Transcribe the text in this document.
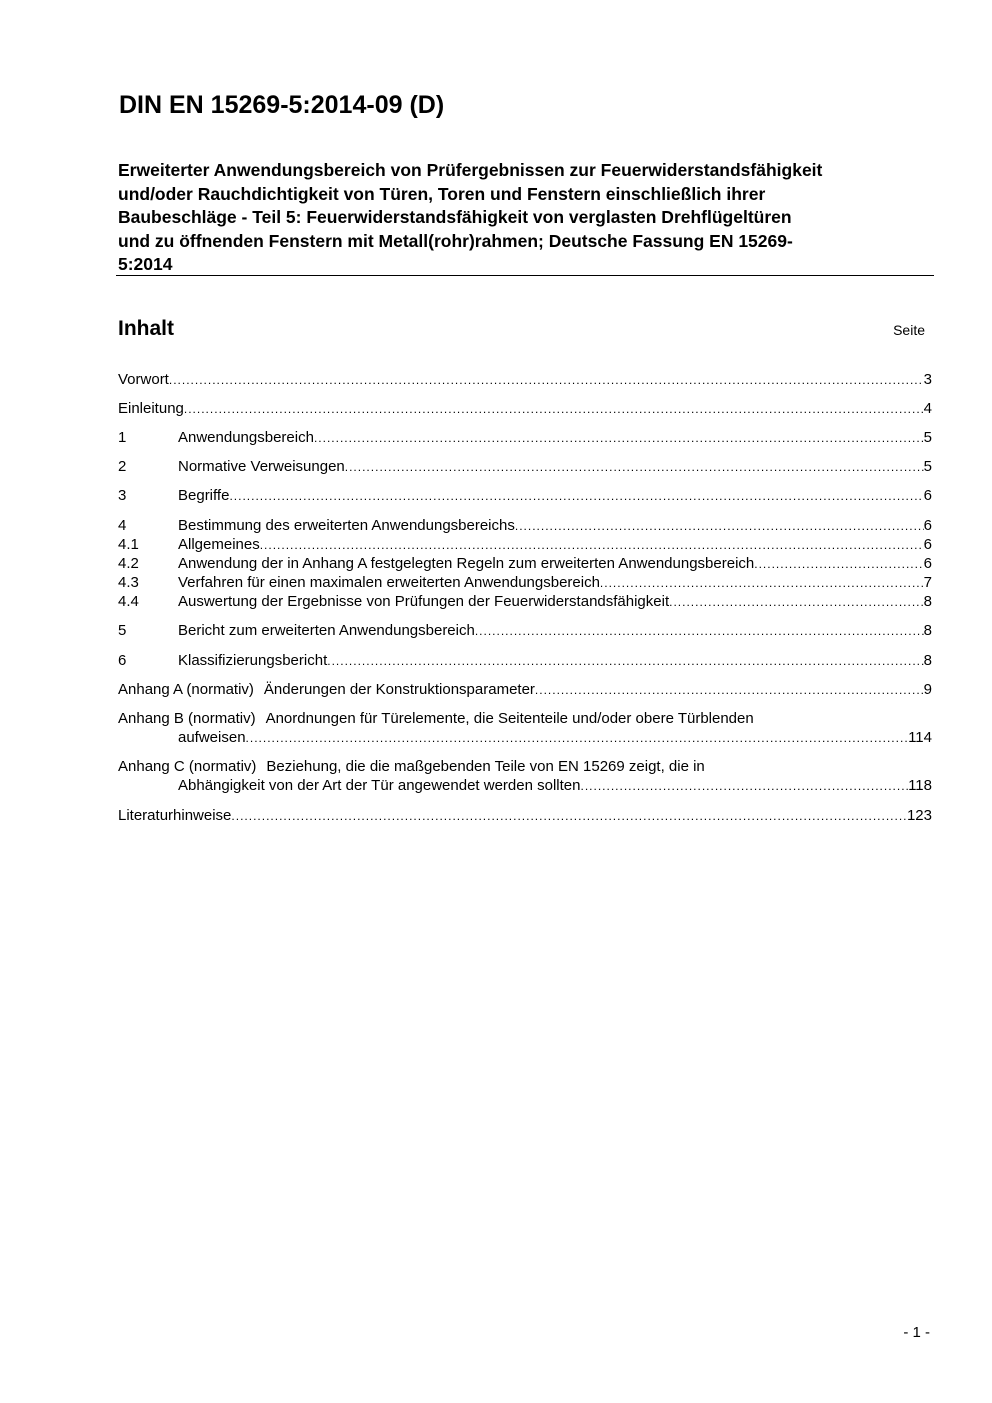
DIN EN 15269-5:2014-09 (D)
Erweiterter Anwendungsbereich von Prüfergebnissen zur Feuerwiderstandsfähigkeit
und/oder Rauchdichtigkeit von Türen, Toren und Fenstern einschließlich ihrer
Baubeschläge - Teil 5: Feuerwiderstandsfähigkeit von verglasten Drehflügeltüren
und zu öffnenden Fenstern mit Metall(rohr)rahmen; Deutsche Fassung EN 15269-
5:2014
Inhalt	Seite
Vorwort .....	3
Einleitung .....	4
1	Anwendungsbereich .....	5
2	Normative Verweisungen .....	5
3	Begriffe .....	6
4	Bestimmung des erweiterten Anwendungsbereichs .....	6
4.1	Allgemeines .....	6
4.2	Anwendung der in Anhang A festgelegten Regeln zum erweiterten Anwendungsbereich .....	6
4.3	Verfahren für einen maximalen erweiterten Anwendungsbereich .....	7
4.4	Auswertung der Ergebnisse von Prüfungen der Feuerwiderstandsfähigkeit .....	8
5	Bericht zum erweiterten Anwendungsbereich .....	8
6	Klassifizierungsbericht .....	8
Anhang A (normativ) Änderungen der Konstruktionsparameter .....	9
Anhang B (normativ) Anordnungen für Türelemente, die Seitenteile und/oder obere Türblenden
aufweisen .....	114
Anhang C (normativ) Beziehung, die die maßgebenden Teile von EN 15269 zeigt, die in
Abhängigkeit von der Art der Tür angewendet werden sollten .....	118
Literaturhinweise .....	123
- 1 -
